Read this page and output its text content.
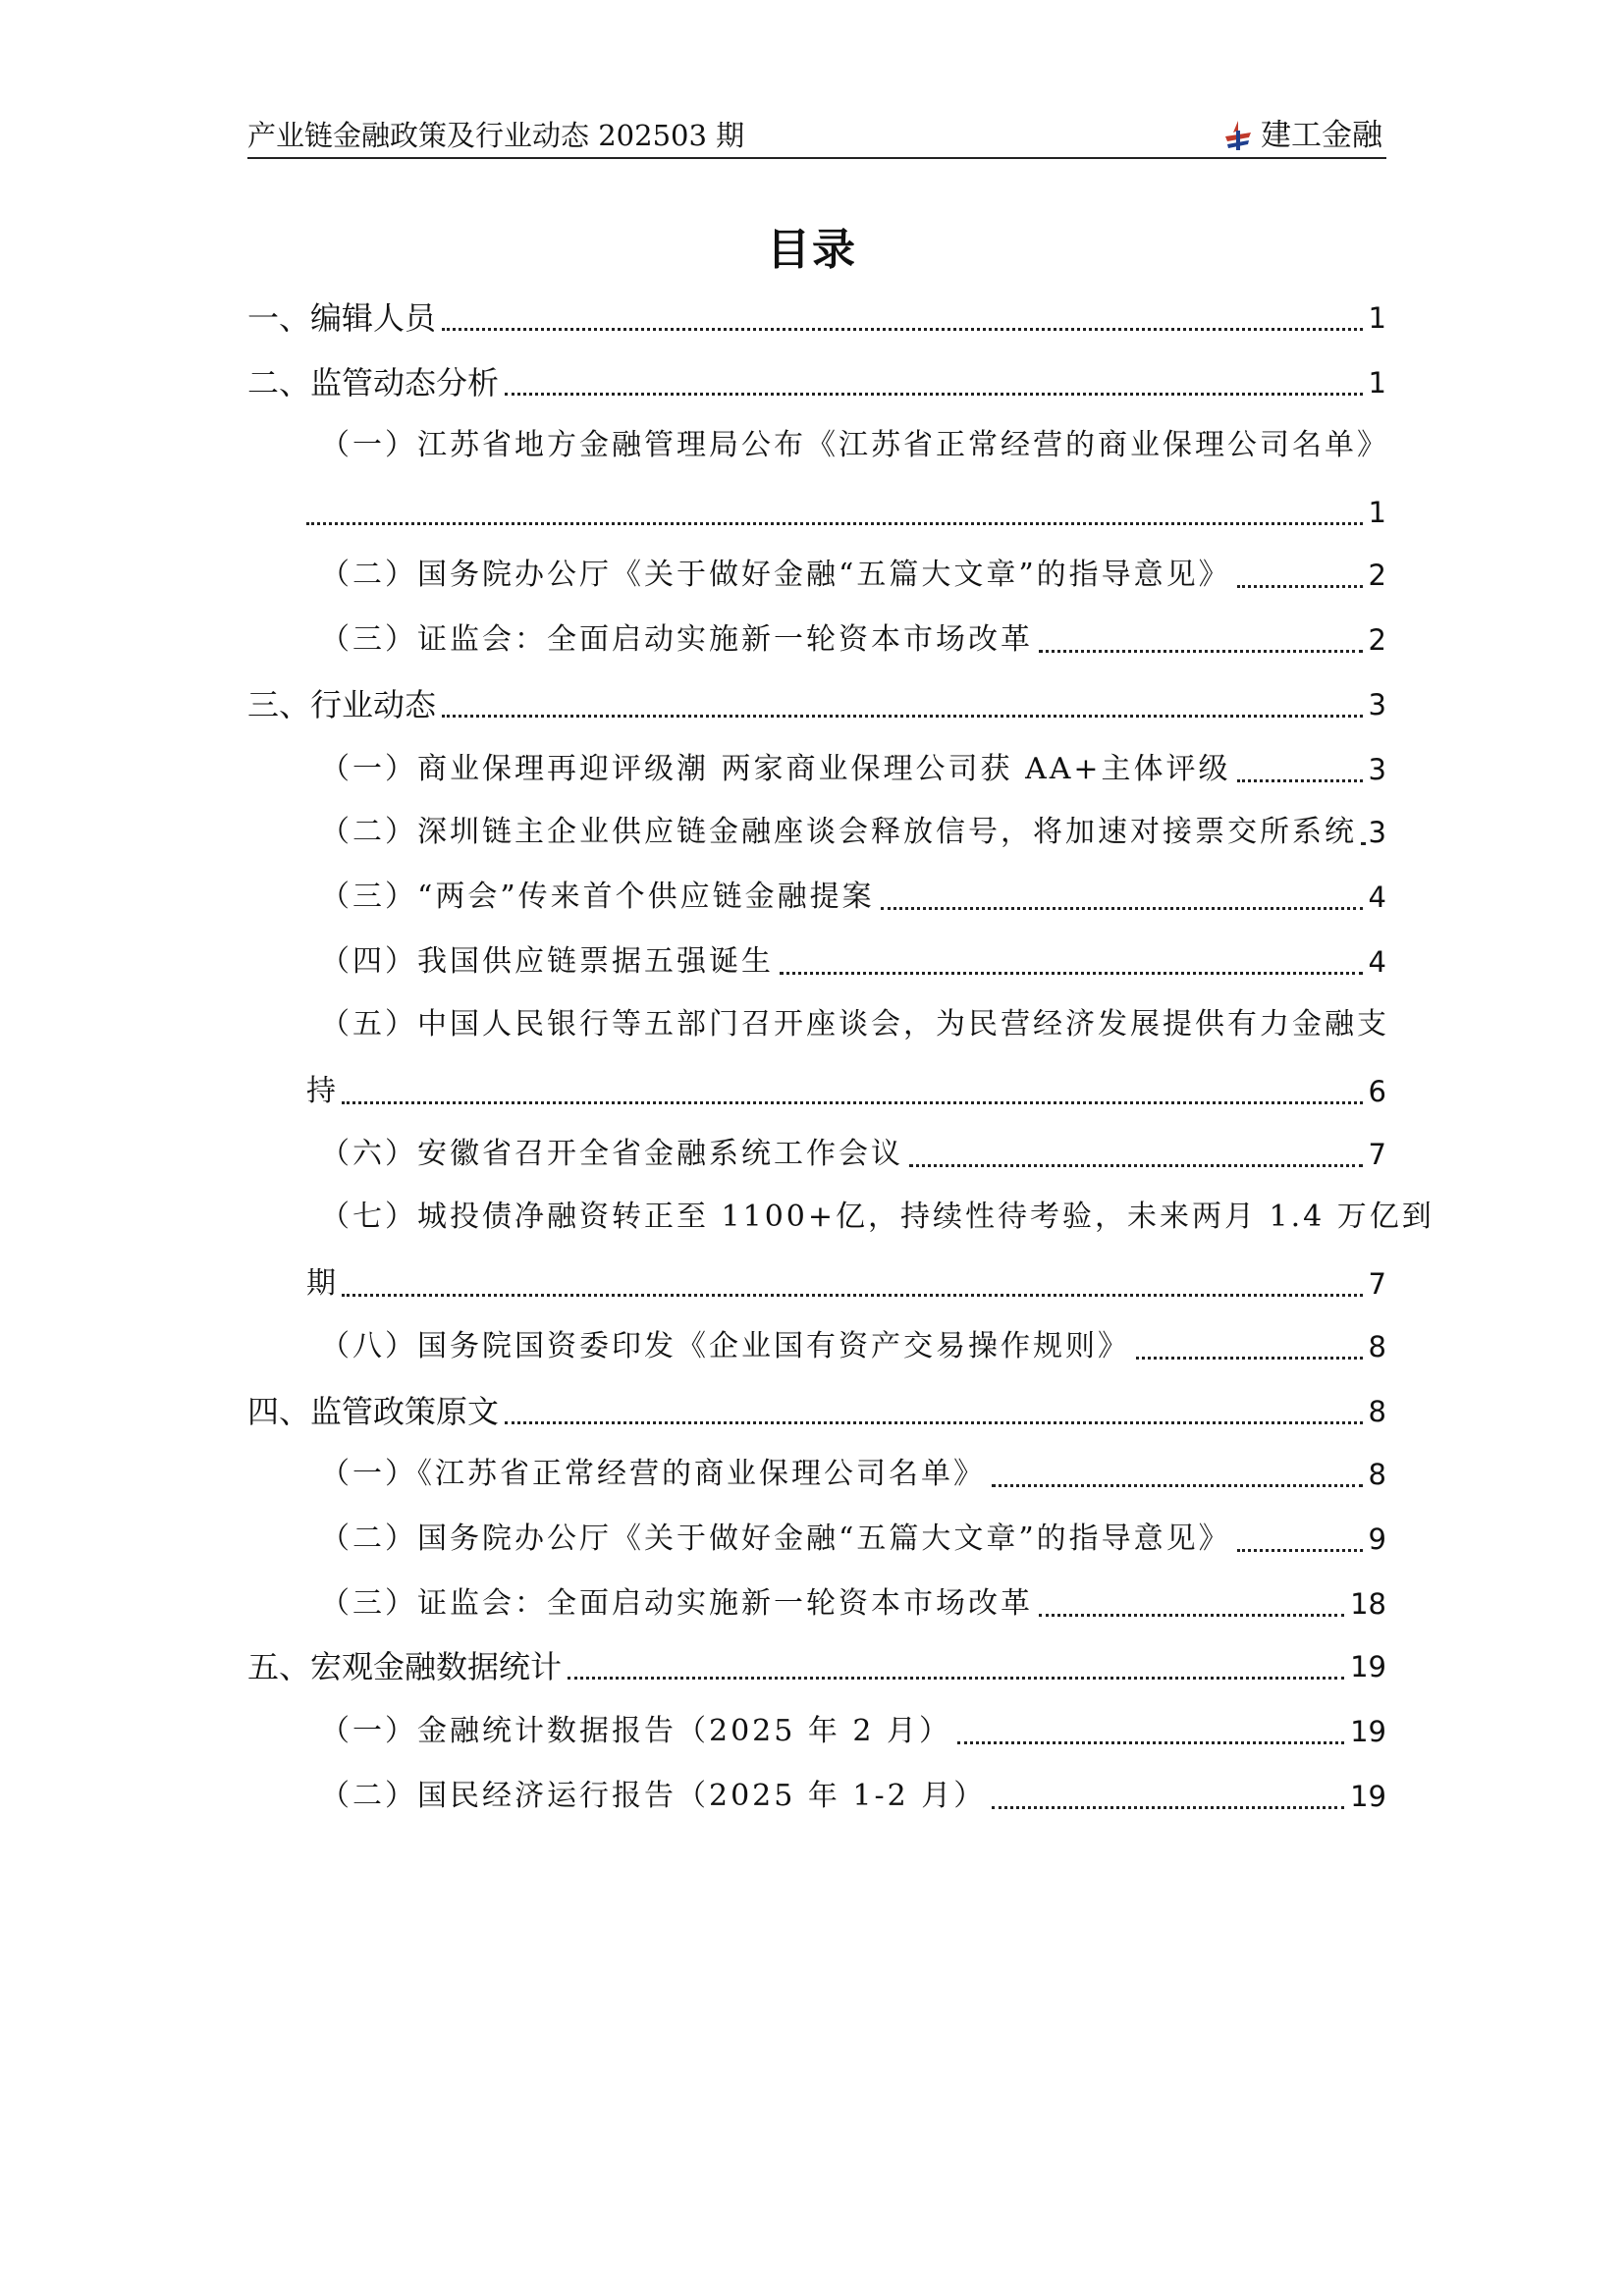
产业链金融政策及行业动态 202503 期	建工金融
目录
一、编辑人员	1
二、监管动态分析	1
（一）江苏省地方金融管理局公布《江苏省正常经营的商业保理公司名单》
1
（二）国务院办公厅《关于做好金融“五篇大文章”的指导意见》	2
（三）证监会：全面启动实施新一轮资本市场改革	2
三、行业动态	3
（一）商业保理再迎评级潮 两家商业保理公司获 AA+主体评级	3
（二）深圳链主企业供应链金融座谈会释放信号，将加速对接票交所系统 3
（三）“两会”传来首个供应链金融提案	4
（四）我国供应链票据五强诞生	4
（五）中国人民银行等五部门召开座谈会，为民营经济发展提供有力金融支
持	6
（六）安徽省召开全省金融系统工作会议	7
（七）城投债净融资转正至 1100+亿，持续性待考验，未来两月 1.4 万亿到
期	7
（八）国务院国资委印发《企业国有资产交易操作规则》	8
四、监管政策原文	8
（一）《江苏省正常经营的商业保理公司名单》	8
（二）国务院办公厅《关于做好金融“五篇大文章”的指导意见》	9
（三）证监会：全面启动实施新一轮资本市场改革	18
五、宏观金融数据统计	19
（一）金融统计数据报告（2025 年 2 月）	19
（二）国民经济运行报告（2025 年 1-2 月）	19
